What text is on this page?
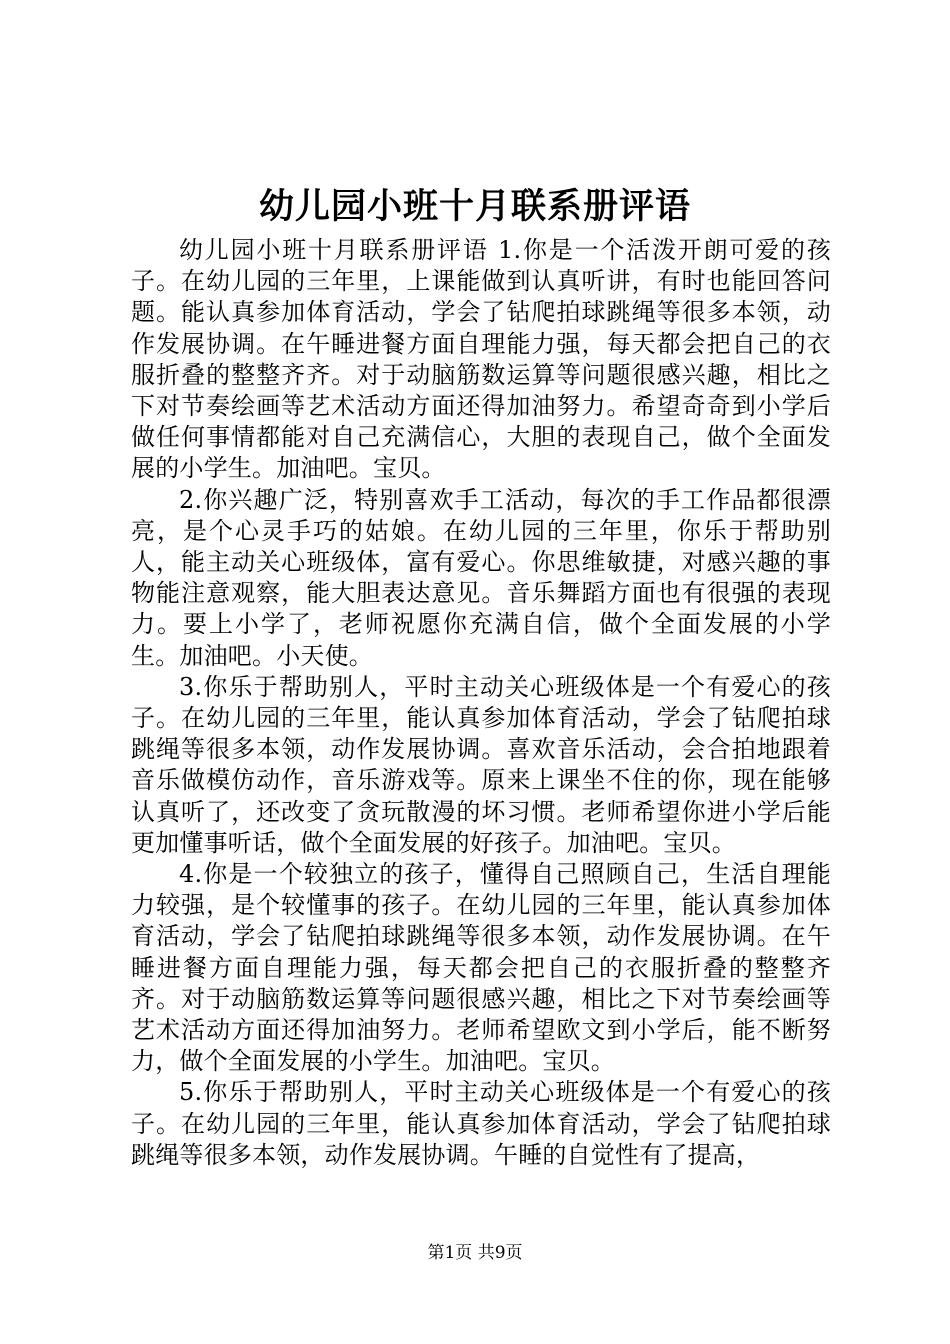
幼儿园小班十月联系册评语

幼儿园小班十月联系册评语 1.你是一个活泼开朗可爱的孩子。在幼儿园的三年里，上课能做到认真听讲，有时也能回答问题。能认真参加体育活动，学会了钻爬拍球跳绳等很多本领，动作发展协调。在午睡进餐方面自理能力强，每天都会把自己的衣服折叠的整整齐齐。对于动脑筋数运算等问题很感兴趣，相比之下对节奏绘画等艺术活动方面还得加油努力。希望奇奇到小学后做任何事情都能对自己充满信心，大胆的表现自己，做个全面发展的小学生。加油吧。宝贝。

2.你兴趣广泛，特别喜欢手工活动，每次的手工作品都很漂亮，是个心灵手巧的姑娘。在幼儿园的三年里，你乐于帮助别人，能主动关心班级体，富有爱心。你思维敏捷，对感兴趣的事物能注意观察，能大胆表达意见。音乐舞蹈方面也有很强的表现力。要上小学了，老师祝愿你充满自信，做个全面发展的小学生。加油吧。小天使。

3.你乐于帮助别人，平时主动关心班级体是一个有爱心的孩子。在幼儿园的三年里，能认真参加体育活动，学会了钻爬拍球跳绳等很多本领，动作发展协调。喜欢音乐活动，会合拍地跟着音乐做模仿动作，音乐游戏等。原来上课坐不住的你，现在能够认真听了，还改变了贪玩散漫的坏习惯。老师希望你进小学后能更加懂事听话，做个全面发展的好孩子。加油吧。宝贝。

4.你是一个较独立的孩子，懂得自己照顾自己，生活自理能力较强，是个较懂事的孩子。在幼儿园的三年里，能认真参加体育活动，学会了钻爬拍球跳绳等很多本领，动作发展协调。在午睡进餐方面自理能力强，每天都会把自己的衣服折叠的整整齐齐。对于动脑筋数运算等问题很感兴趣，相比之下对节奏绘画等艺术活动方面还得加油努力。老师希望欧文到小学后，能不断努力，做个全面发展的小学生。加油吧。宝贝。

5.你乐于帮助别人，平时主动关心班级体是一个有爱心的孩子。在幼儿园的三年里，能认真参加体育活动，学会了钻爬拍球跳绳等很多本领，动作发展协调。午睡的自觉性有了提高，

第1页 共9页
